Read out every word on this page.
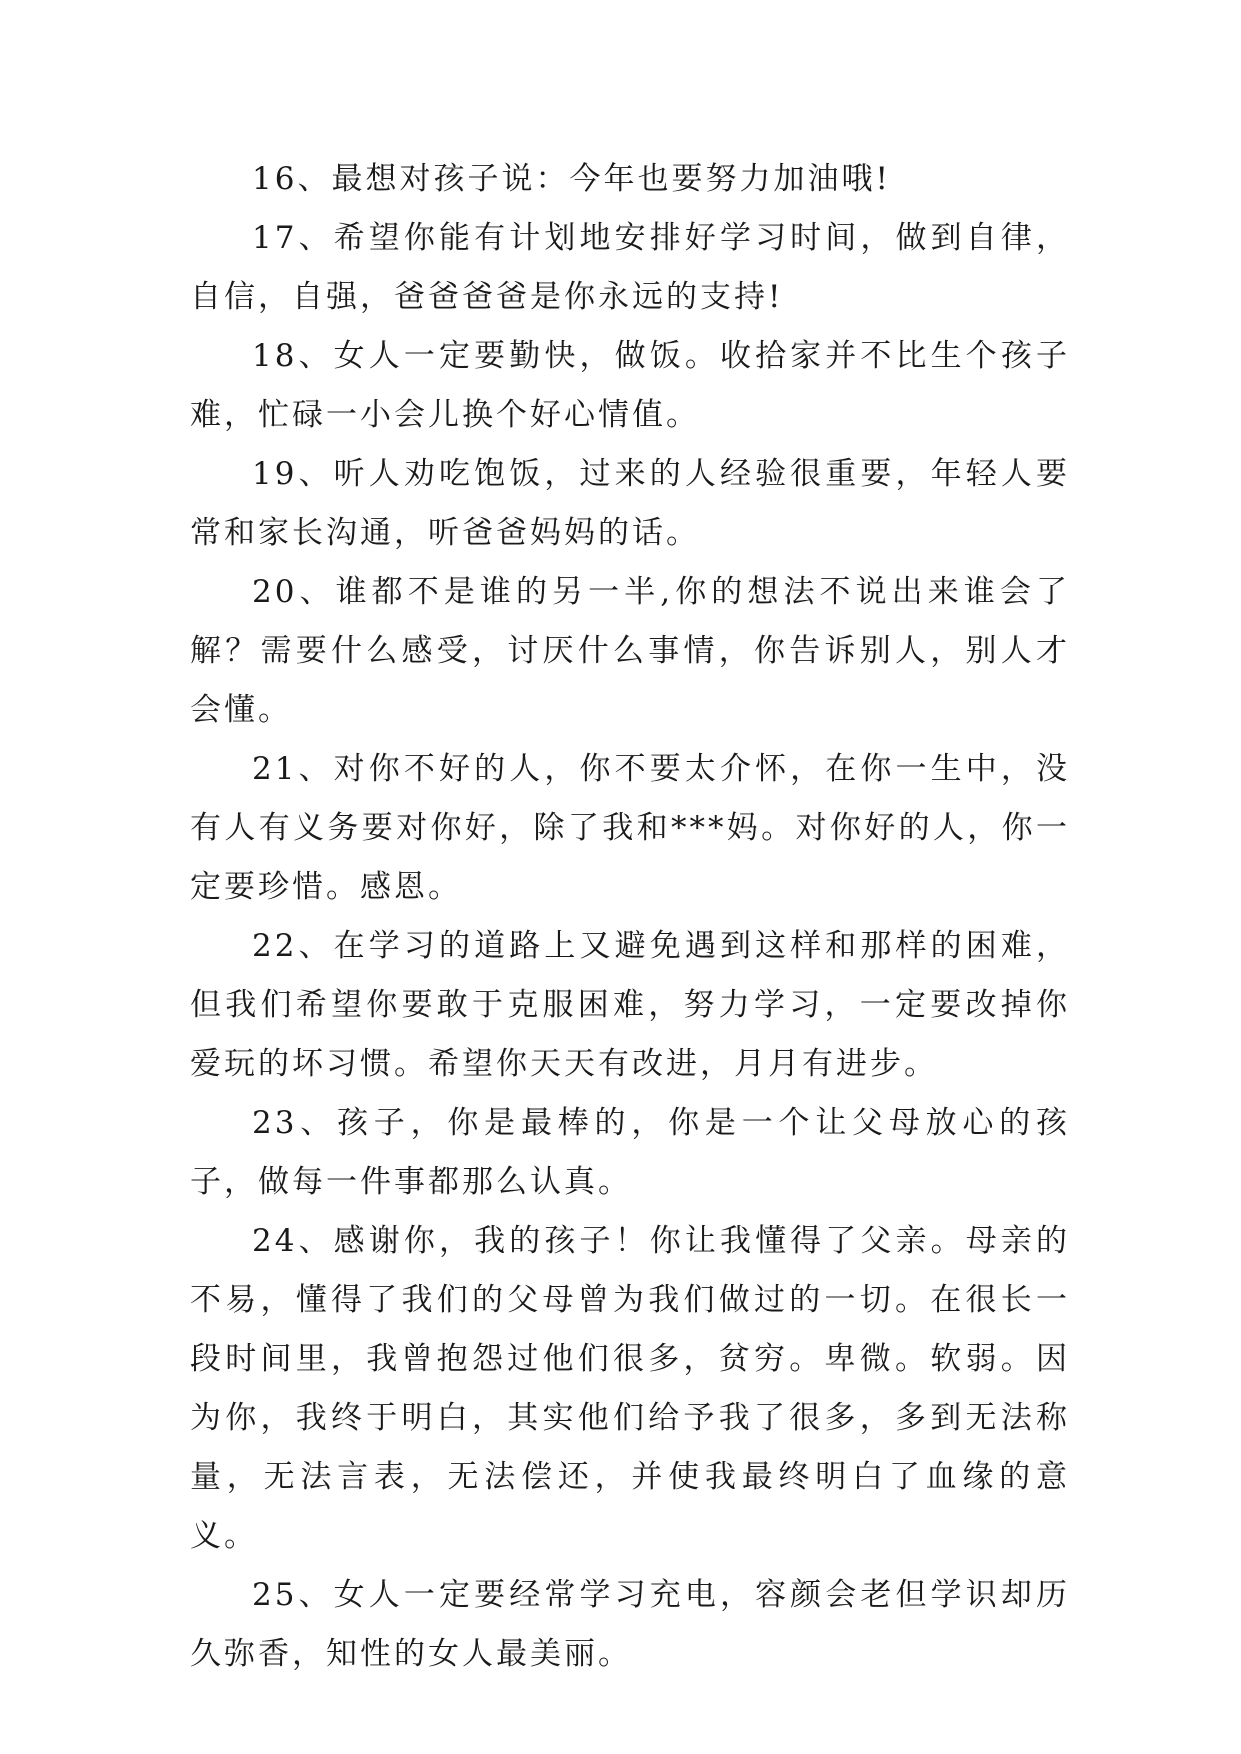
16、最想对孩子说：今年也要努力加油哦!

17、希望你能有计划地安排好学习时间，做到自律，自信，自强，爸爸爸爸是你永远的支持!

18、女人一定要勤快，做饭。收拾家并不比生个孩子难，忙碌一小会儿换个好心情值。

19、听人劝吃饱饭，过来的人经验很重要，年轻人要常和家长沟通，听爸爸妈妈的话。

20、谁都不是谁的另一半,你的想法不说出来谁会了解？需要什么感受，讨厌什么事情，你告诉别人，别人才会懂。

21、对你不好的人，你不要太介怀，在你一生中，没有人有义务要对你好，除了我和***妈。对你好的人，你一定要珍惜。感恩。

22、在学习的道路上又避免遇到这样和那样的困难，但我们希望你要敢于克服困难，努力学习，一定要改掉你爱玩的坏习惯。希望你天天有改进，月月有进步。

23、孩子，你是最棒的，你是一个让父母放心的孩子，做每一件事都那么认真。

24、感谢你，我的孩子！你让我懂得了父亲。母亲的不易，懂得了我们的父母曾为我们做过的一切。在很长一段时间里，我曾抱怨过他们很多，贫穷。卑微。软弱。因为你，我终于明白，其实他们给予我了很多，多到无法称量，无法言表，无法偿还，并使我最终明白了血缘的意义。

25、女人一定要经常学习充电，容颜会老但学识却历久弥香，知性的女人最美丽。
